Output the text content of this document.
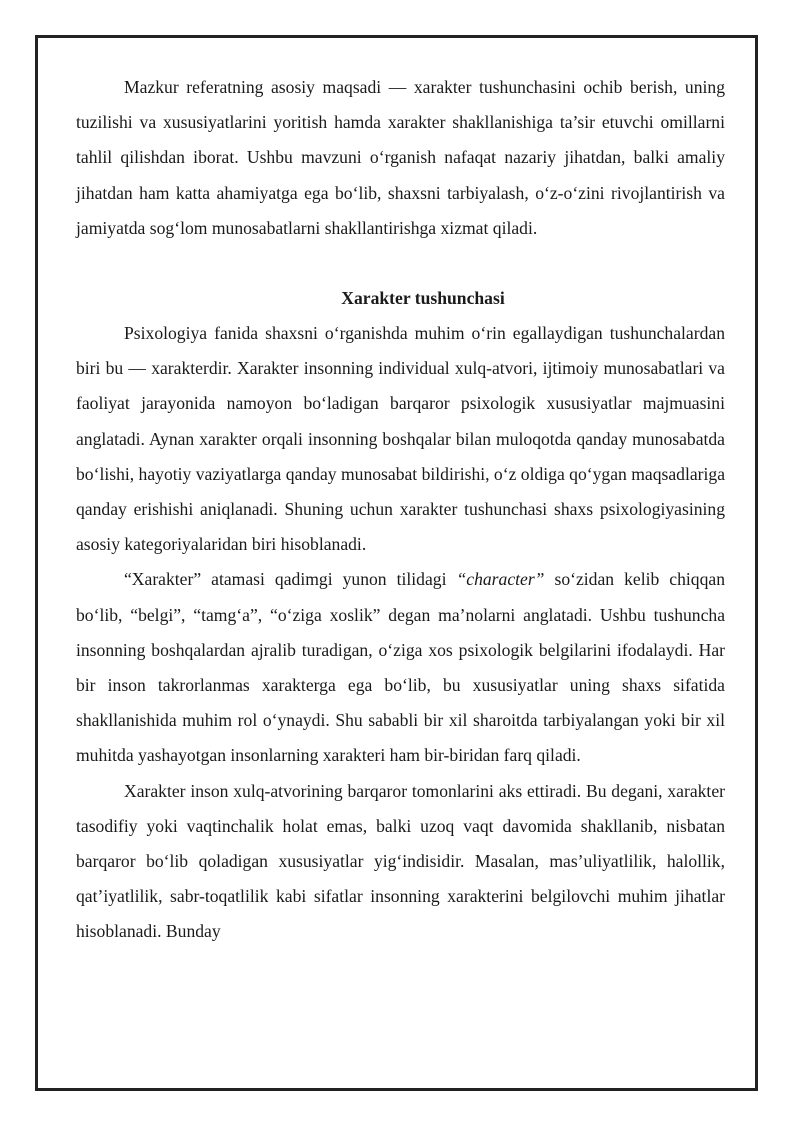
Mazkur referatning asosiy maqsadi — xarakter tushunchasini ochib berish, uning tuzilishi va xususiyatlarini yoritish hamda xarakter shakllanishiga ta’sir etuvchi omillarni tahlil qilishdan iborat. Ushbu mavzuni o‘rganish nafaqat nazariy jihatdan, balki amaliy jihatdan ham katta ahamiyatga ega bo‘lib, shaxsni tarbiyalash, o‘z-o‘zini rivojlantirish va jamiyatda sog‘lom munosabatlarni shakllantirishga xizmat qiladi.

Xarakter tushunchasi

Psixologiya fanida shaxsni o‘rganishda muhim o‘rin egallaydigan tushunchalardan biri bu — xarakterdir. Xarakter insonning individual xulq-atvori, ijtimoiy munosabatlari va faoliyat jarayonida namoyon bo‘ladigan barqaror psixologik xususiyatlar majmuasini anglatadi. Aynan xarakter orqali insonning boshqalar bilan muloqotda qanday munosabatda bo‘lishi, hayotiy vaziyatlarga qanday munosabat bildirishi, o‘z oldiga qo‘ygan maqsadlariga qanday erishishi aniqlanadi. Shuning uchun xarakter tushunchasi shaxs psixologiyasining asosiy kategoriyalaridan biri hisoblanadi.

“Xarakter” atamasi qadimgi yunon tilidagi “character” so‘zidan kelib chiqqan bo‘lib, “belgi”, “tamg‘a”, “o‘ziga xoslik” degan ma’nolarni anglatadi. Ushbu tushuncha insonning boshqalardan ajralib turadigan, o‘ziga xos psixologik belgilarini ifodalaydi. Har bir inson takrorlanmas xarakterga ega bo‘lib, bu xususiyatlar uning shaxs sifatida shakllanishida muhim rol o‘ynaydi. Shu sababli bir xil sharoitda tarbiyalangan yoki bir xil muhitda yashayotgan insonlarning xarakteri ham bir-biridan farq qiladi.

Xarakter inson xulq-atvorining barqaror tomonlarini aks ettiradi. Bu degani, xarakter tasodifiy yoki vaqtinchalik holat emas, balki uzoq vaqt davomida shakllanib, nisbatan barqaror bo‘lib qoladigan xususiyatlar yig‘indisidir. Masalan, mas’uliyatlilik, halollik, qat’iyatlilik, sabr-toqatlilik kabi sifatlar insonning xarakterini belgilovchi muhim jihatlar hisoblanadi. Bunday
